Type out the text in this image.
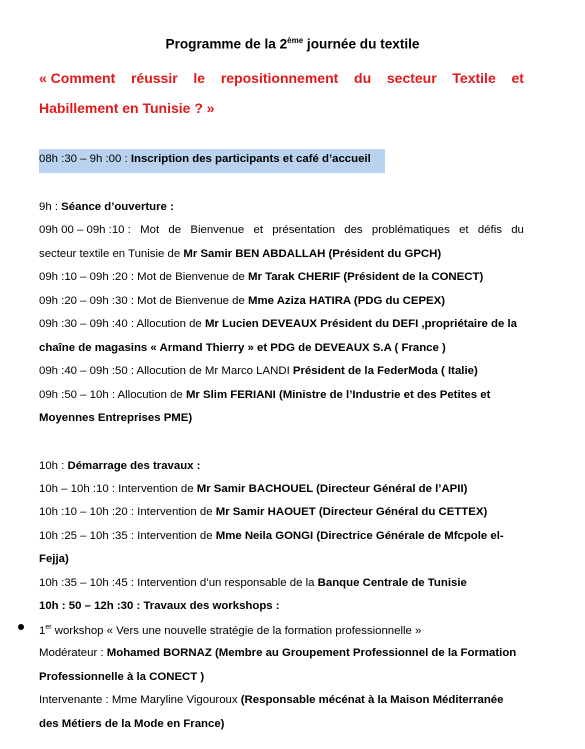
Programme de la 2ème journée du textile
« Comment réussir le repositionnement du secteur Textile et
Habillement en Tunisie ? »
08h :30 – 9h :00 : Inscription des participants et café d’accueil
9h : Séance d’ouverture :
09h 00 – 09h :10 : Mot de Bienvenue et présentation des problématiques et défis du
secteur textile en Tunisie de Mr Samir BEN ABDALLAH (Président du GPCH)
09h :10 – 09h :20 : Mot de Bienvenue de Mr Tarak CHERIF (Président de la CONECT)
09h :20 – 09h :30 : Mot de Bienvenue de Mme Aziza HATIRA (PDG du CEPEX)
09h :30 – 09h :40 : Allocution de Mr Lucien DEVEAUX Président du DEFI ,propriétaire de la
chaîne de magasins « Armand Thierry » et PDG de DEVEAUX S.A ( France )
09h :40 – 09h :50 : Allocution de Mr Marco LANDI Président de la FederModa ( Italie)
09h :50 – 10h : Allocution de Mr Slim FERIANI (Ministre de l’Industrie et des Petites et
Moyennes Entreprises PME)
10h : Démarrage des travaux :
10h – 10h :10 : Intervention de Mr Samir BACHOUEL (Directeur Général de l’APII)
10h :10 – 10h :20 : Intervention de Mr Samir HAOUET (Directeur Général du CETTEX)
10h :25 – 10h :35 : Intervention de Mme Neila GONGI (Directrice Générale de Mfcpole el-
Fejja)
10h :35 – 10h :45 : Intervention d’un responsable de la Banque Centrale de Tunisie
10h : 50 – 12h :30 : Travaux des workshops :
1er workshop « Vers une nouvelle stratégie de la formation professionnelle »
Modérateur : Mohamed BORNAZ (Membre au Groupement Professionnel de la Formation
Professionnelle à la CONECT )
Intervenante : Mme Maryline Vigouroux (Responsable mécénat à la Maison Méditerranée
des Métiers de la Mode en France)
